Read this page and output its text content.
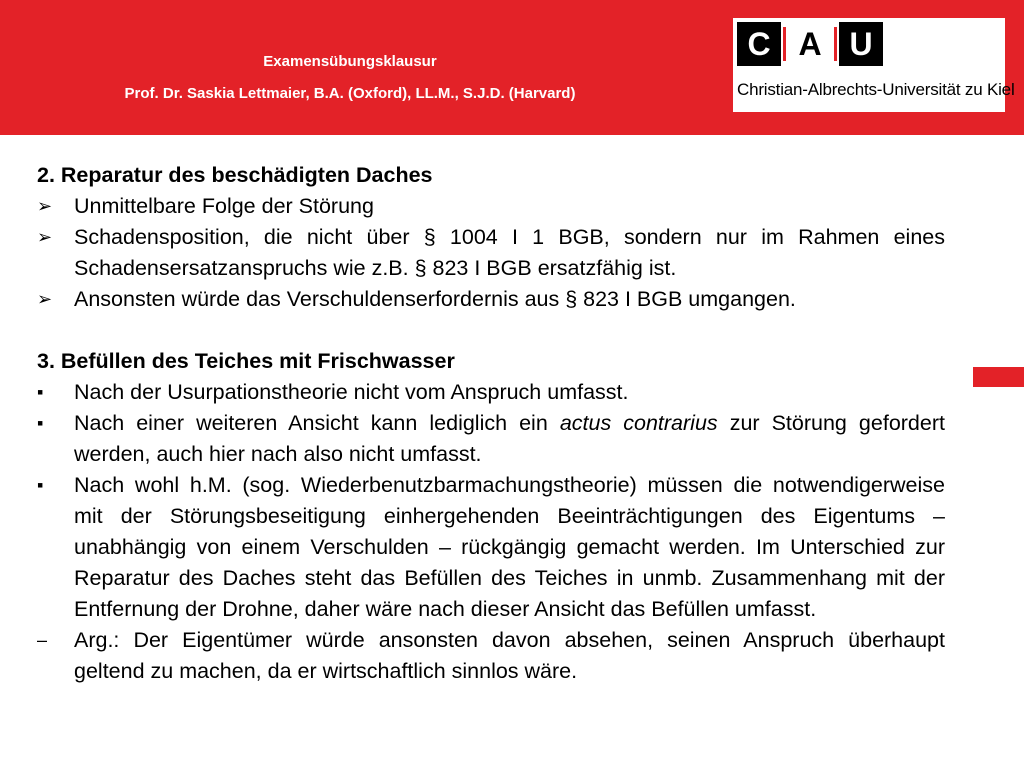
Examensübungsklausur
Prof. Dr. Saskia Lettmaier, B.A. (Oxford), LL.M., S.J.D. (Harvard)
C A U
Christian-Albrechts-Universität zu Kiel
2. Reparatur des beschädigten Daches
➢	Unmittelbare Folge der Störung
➢	Schadensposition, die nicht über § 1004 I 1 BGB, sondern nur im Rahmen eines Schadensersatzanspruchs wie z.B. § 823 I BGB ersatzfähig ist.
➢	Ansonsten würde das Verschuldenserfordernis aus § 823 I BGB umgangen.
3. Befüllen des Teiches mit Frischwasser
▪	Nach der Usurpationstheorie nicht vom Anspruch umfasst.
▪	Nach einer weiteren Ansicht kann lediglich ein actus contrarius zur Störung gefordert werden, auch hier nach also nicht umfasst.
▪	Nach wohl h.M. (sog. Wiederbenutzbarmachungstheorie) müssen die notwendigerweise mit der Störungsbeseitigung einhergehenden Beeinträchtigungen des Eigentums – unabhängig von einem Verschulden – rückgängig gemacht werden. Im Unterschied zur Reparatur des Daches steht das Befüllen des Teiches in unmb. Zusammenhang mit der Entfernung der Drohne, daher wäre nach dieser Ansicht das Befüllen umfasst.
–	Arg.: Der Eigentümer würde ansonsten davon absehen, seinen Anspruch überhaupt geltend zu machen, da er wirtschaftlich sinnlos wäre.
